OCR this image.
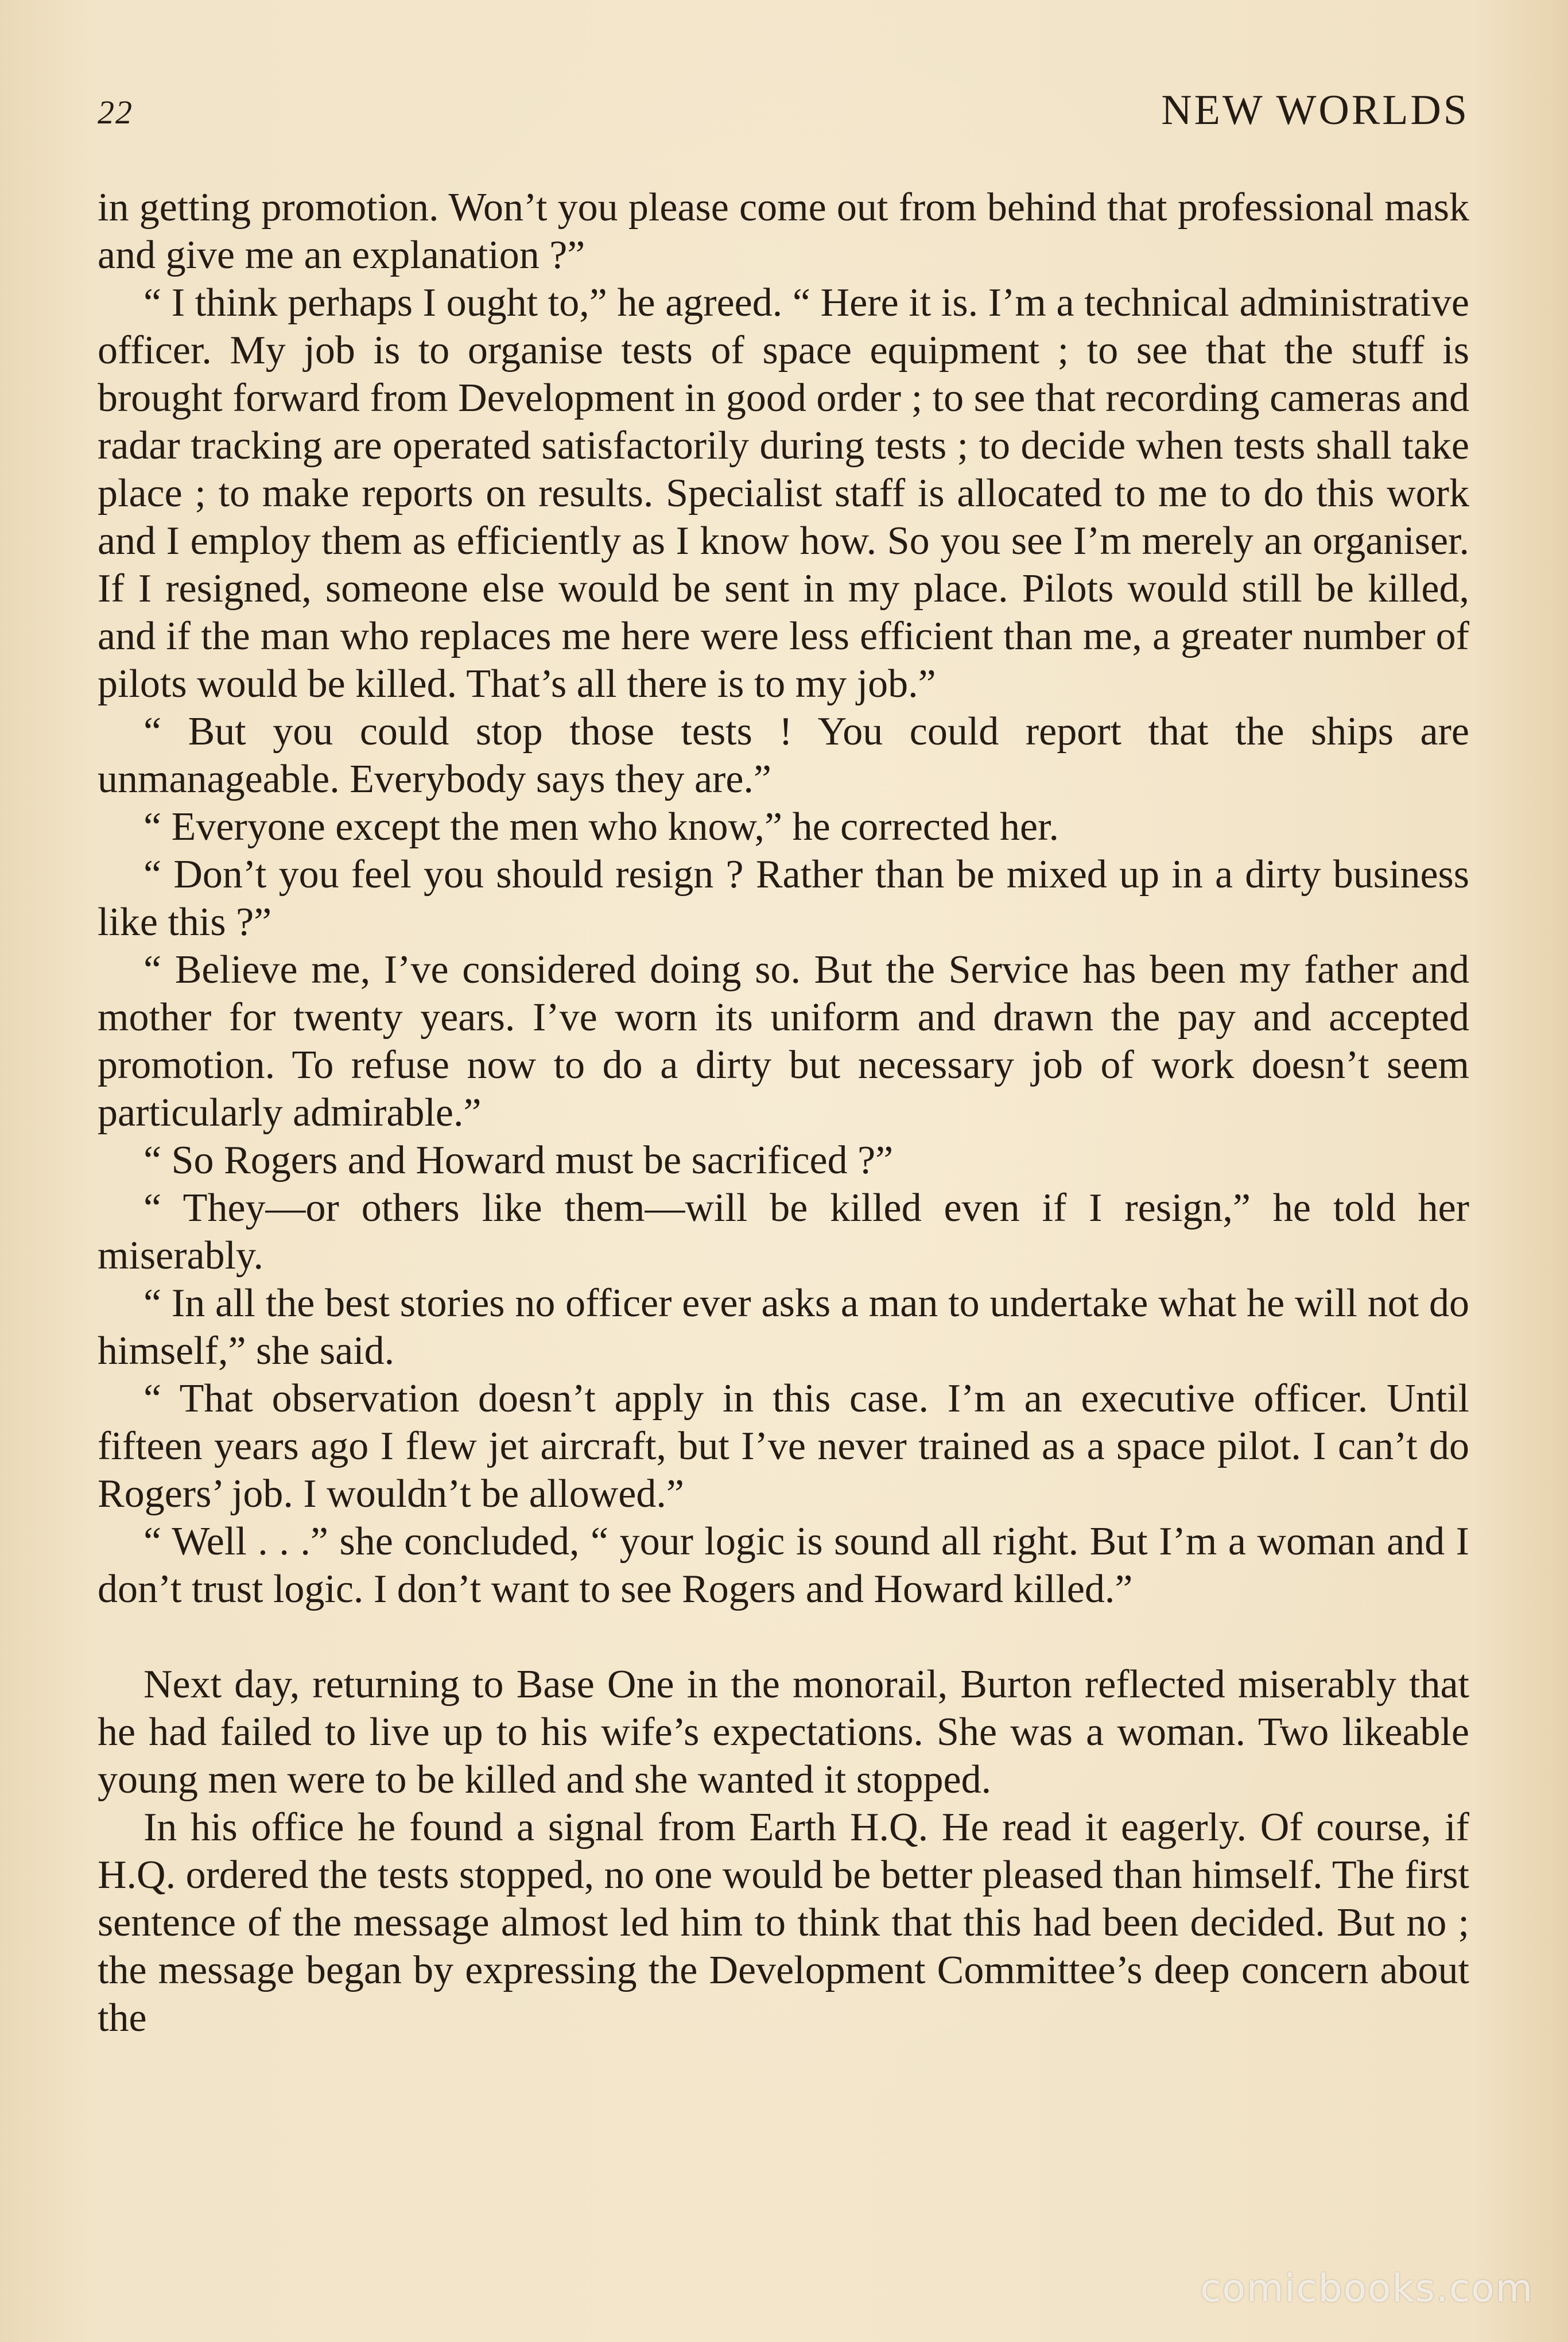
22	NEW WORLDS

in getting promotion. Won’t you please come out from behind that professional mask and give me an explanation ?”

“ I think perhaps I ought to,” he agreed. “ Here it is. I’m a technical administrative officer. My job is to organise tests of space equipment ; to see that the stuff is brought forward from Development in good order ; to see that recording cameras and radar tracking are operated satisfactorily during tests ; to decide when tests shall take place ; to make reports on results. Specialist staff is allocated to me to do this work and I employ them as efficiently as I know how. So you see I’m merely an organiser. If I resigned, someone else would be sent in my place. Pilots would still be killed, and if the man who replaces me here were less efficient than me, a greater number of pilots would be killed. That’s all there is to my job.”

“ But you could stop those tests ! You could report that the ships are unmanageable. Everybody says they are.”

“ Everyone except the men who know,” he corrected her.

“ Don’t you feel you should resign ? Rather than be mixed up in a dirty business like this ?”

“ Believe me, I’ve considered doing so. But the Service has been my father and mother for twenty years. I’ve worn its uniform and drawn the pay and accepted promotion. To refuse now to do a dirty but necessary job of work doesn’t seem particularly admirable.”

“ So Rogers and Howard must be sacrificed ?”

“ They—or others like them—will be killed even if I resign,” he told her miserably.

“ In all the best stories no officer ever asks a man to undertake what he will not do himself,” she said.

“ That observation doesn’t apply in this case. I’m an executive officer. Until fifteen years ago I flew jet aircraft, but I’ve never trained as a space pilot. I can’t do Rogers’ job. I wouldn’t be allowed.”

“ Well . . .” she concluded, “ your logic is sound all right. But I’m a woman and I don’t trust logic. I don’t want to see Rogers and Howard killed.”

Next day, returning to Base One in the monorail, Burton reflected miserably that he had failed to live up to his wife’s expectations. She was a woman. Two likeable young men were to be killed and she wanted it stopped.

In his office he found a signal from Earth H.Q. He read it eagerly. Of course, if H.Q. ordered the tests stopped, no one would be better pleased than himself. The first sentence of the message almost led him to think that this had been decided. But no ; the message began by expressing the Development Committee’s deep concern about the

comicbooks.com
